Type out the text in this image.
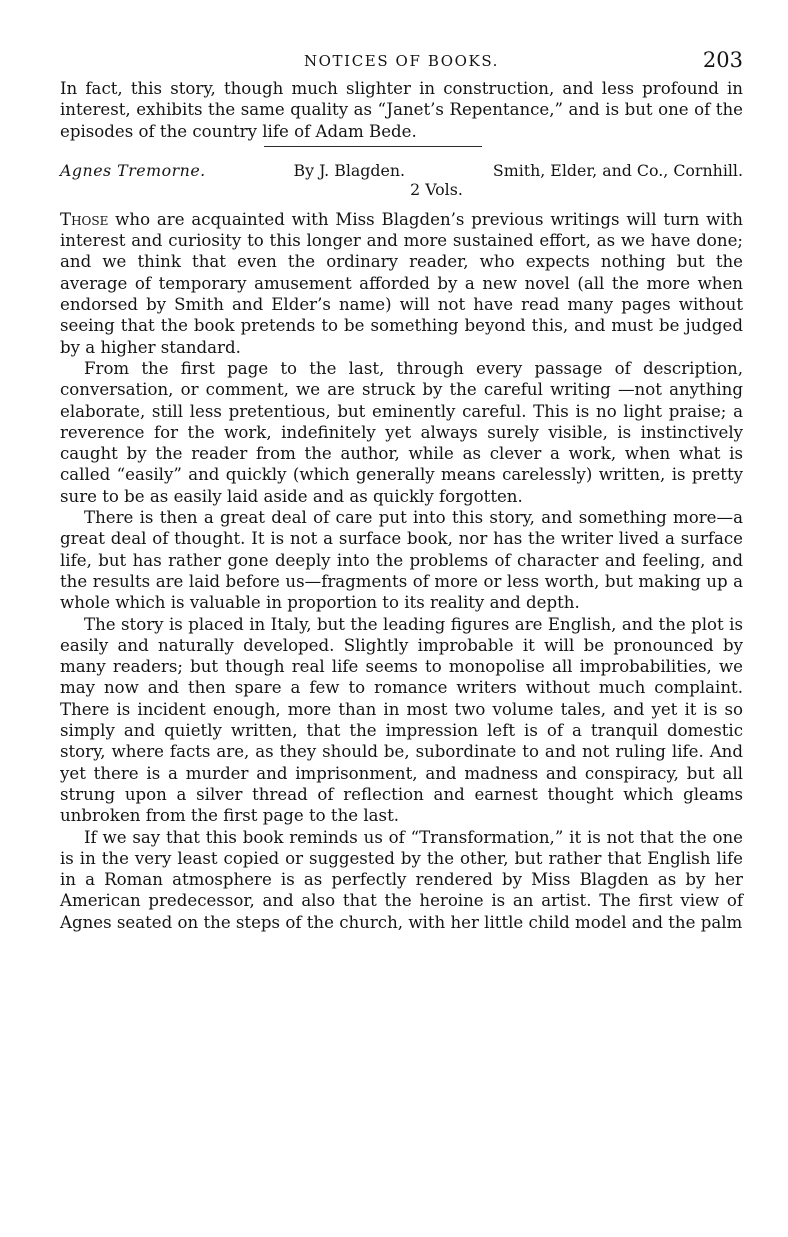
NOTICES OF BOOKS.	203

In fact, this story, though much slighter in construction, and less profound in interest, exhibits the same quality as “Janet’s Repentance,” and is but one of the episodes of the country life of Adam Bede.

Agnes Tremorne.	By J. Blagden.	Smith, Elder, and Co., Cornhill.
2 Vols.

Those who are acquainted with Miss Blagden’s previous writings will turn with interest and curiosity to this longer and more sustained effort, as we have done; and we think that even the ordinary reader, who expects nothing but the average of temporary amusement afforded by a new novel (all the more when endorsed by Smith and Elder’s name) will not have read many pages without seeing that the book pretends to be something beyond this, and must be judged by a higher standard.

From the first page to the last, through every passage of description, conversation, or comment, we are struck by the careful writing —not anything elaborate, still less pretentious, but eminently careful. This is no light praise; a reverence for the work, indefinitely yet always surely visible, is instinctively caught by the reader from the author, while as clever a work, when what is called “easily” and quickly (which generally means carelessly) written, is pretty sure to be as easily laid aside and as quickly forgotten.

There is then a great deal of care put into this story, and something more—a great deal of thought. It is not a surface book, nor has the writer lived a surface life, but has rather gone deeply into the problems of character and feeling, and the results are laid before us—fragments of more or less worth, but making up a whole which is valuable in proportion to its reality and depth.

The story is placed in Italy, but the leading figures are English, and the plot is easily and naturally developed. Slightly improbable it will be pronounced by many readers; but though real life seems to monopolise all improbabilities, we may now and then spare a few to romance writers without much complaint. There is incident enough, more than in most two volume tales, and yet it is so simply and quietly written, that the impression left is of a tranquil domestic story, where facts are, as they should be, subordinate to and not ruling life. And yet there is a murder and imprisonment, and madness and conspiracy, but all strung upon a silver thread of reflection and earnest thought which gleams unbroken from the first page to the last.

If we say that this book reminds us of “Transformation,” it is not that the one is in the very least copied or suggested by the other, but rather that English life in a Roman atmosphere is as perfectly rendered by Miss Blagden as by her American predecessor, and also that the heroine is an artist. The first view of Agnes seated on the steps of the church, with her little child model and the palm
